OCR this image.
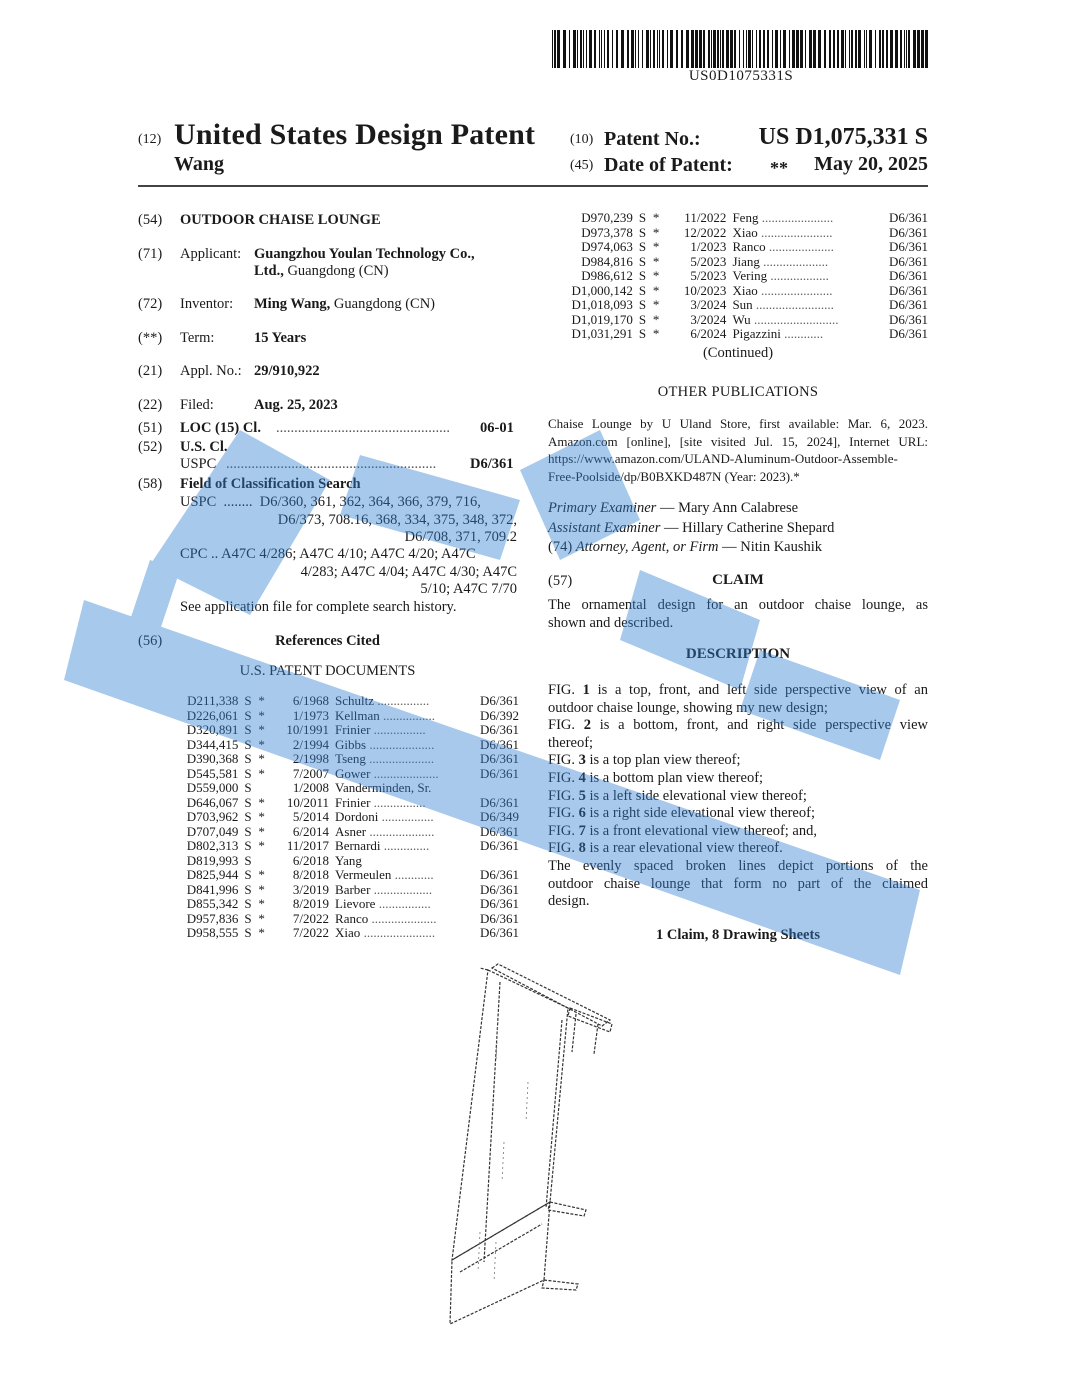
US0D1075331S
(12) United States Design Patent
Wang
(10) Patent No.: US D1,075,331 S
(45) Date of Patent: **	May 20, 2025
(54) OUTDOOR CHAISE LOUNGE
(71) Applicant: Guangzhou Youlan Technology Co.,
Ltd., Guangdong (CN)
(72) Inventor: Ming Wang, Guangdong (CN)
(**) Term:	15 Years
(21) Appl. No.: 29/910,922
(22) Filed:	Aug. 25, 2023
(51) LOC (15) Cl. ................................................ 06-01
(52) U.S. Cl.
USPC .......................................................... D6/361
(58) Field of Classification Search
USPC  ........  D6/360, 361, 362, 364, 366, 379, 716,
D6/373, 708.16, 368, 334, 375, 348, 372,
D6/708, 371, 709.2
CPC .. A47C 4/286; A47C 4/10; A47C 4/20; A47C
4/283; A47C 4/04; A47C 4/30; A47C
5/10; A47C 7/70
See application file for complete search history.
(56)	References Cited
U.S. PATENT DOCUMENTS
D211,338	S	*	6/1968	Schultz ................	D6/361
D226,061	S	*	1/1973	Kellman ................	D6/392
D320,891	S	*	10/1991	Frinier ................	D6/361
D344,415	S	*	2/1994	Gibbs ....................	D6/361
D390,368	S	*	2/1998	Tseng ....................	D6/361
D545,581	S	*	7/2007	Gower ....................	D6/361
D559,000	S		1/2008	Vanderminden, Sr.	
D646,067	S	*	10/2011	Frinier ................	D6/361
D703,962	S	*	5/2014	Dordoni ................	D6/349
D707,049	S	*	6/2014	Asner ....................	D6/361
D802,313	S	*	11/2017	Bernardi ..............	D6/361
D819,993	S		6/2018	Yang	
D825,944	S	*	8/2018	Vermeulen ............	D6/361
D841,996	S	*	3/2019	Barber ..................	D6/361
D855,342	S	*	8/2019	Lievore ................	D6/361
D957,836	S	*	7/2022	Ranco ....................	D6/361
D958,555	S	*	7/2022	Xiao ......................	D6/361
D970,239	S	*	11/2022	Feng ......................	D6/361
D973,378	S	*	12/2022	Xiao ......................	D6/361
D974,063	S	*	1/2023	Ranco ....................	D6/361
D984,816	S	*	5/2023	Jiang ....................	D6/361
D986,612	S	*	5/2023	Vering ..................	D6/361
D1,000,142	S	*	10/2023	Xiao ......................	D6/361
D1,018,093	S	*	3/2024	Sun ........................	D6/361
D1,019,170	S	*	3/2024	Wu ..........................	D6/361
D1,031,291	S	*	6/2024	Pigazzini ............	D6/361
(Continued)
OTHER PUBLICATIONS
Chaise Lounge by U Uland Store, first available: Mar. 6, 2023.
Amazon.com [online], [site visited Jul. 15, 2024], Internet URL:
https://www.amazon.com/ULAND-Aluminum-Outdoor-Assemble-
Free-Poolside/dp/B0BXKD487N (Year: 2023).*
Primary Examiner — Mary Ann Calabrese
Assistant Examiner — Hillary Catherine Shepard
(74) Attorney, Agent, or Firm — Nitin Kaushik
(57)	CLAIM
The ornamental design for an outdoor chaise lounge, as
shown and described.
DESCRIPTION
FIG. 1 is a top, front, and left side perspective view of an
outdoor chaise lounge, showing my new design;
FIG. 2 is a bottom, front, and right side perspective view
thereof;
FIG. 3 is a top plan view thereof;
FIG. 4 is a bottom plan view thereof;
FIG. 5 is a left side elevational view thereof;
FIG. 6 is a right side elevational view thereof;
FIG. 7 is a front elevational view thereof; and,
FIG. 8 is a rear elevational view thereof.
The evenly spaced broken lines depict portions of the
outdoor chaise lounge that form no part of the claimed
design.
1 Claim, 8 Drawing Sheets
